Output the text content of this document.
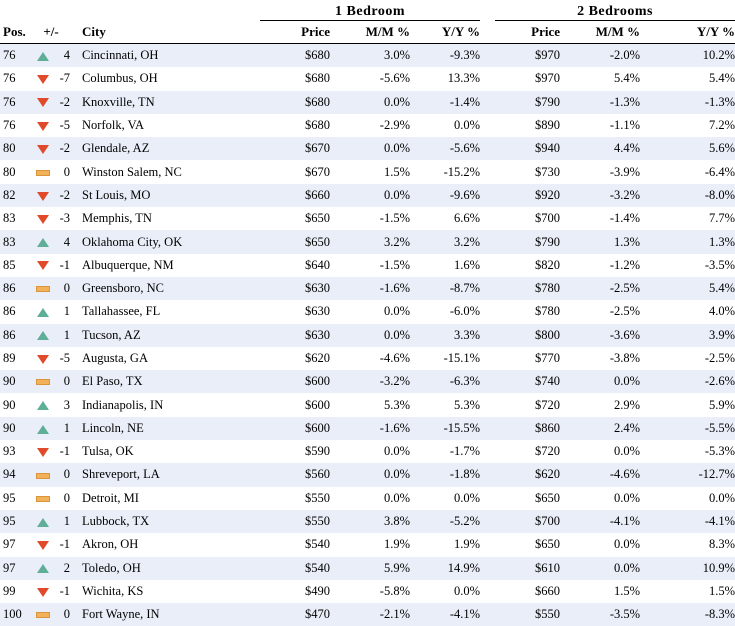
					1 Bedroom				2 Bedrooms		
Pos.	+/-			City	Price	M/M %	Y/Y %		Price	M/M %	Y/Y %
76		4		Cincinnati, OH	$680	3.0%	-9.3%		$970	-2.0%	10.2%
76		-7		Columbus, OH	$680	-5.6%	13.3%		$970	5.4%	5.4%
76		-2		Knoxville, TN	$680	0.0%	-1.4%		$790	-1.3%	-1.3%
76		-5		Norfolk, VA	$680	-2.9%	0.0%		$890	-1.1%	7.2%
80		-2		Glendale, AZ	$670	0.0%	-5.6%		$940	4.4%	5.6%
80		0		Winston Salem, NC	$670	1.5%	-15.2%		$730	-3.9%	-6.4%
82		-2		St Louis, MO	$660	0.0%	-9.6%		$920	-3.2%	-8.0%
83		-3		Memphis, TN	$650	-1.5%	6.6%		$700	-1.4%	7.7%
83		4		Oklahoma City, OK	$650	3.2%	3.2%		$790	1.3%	1.3%
85		-1		Albuquerque, NM	$640	-1.5%	1.6%		$820	-1.2%	-3.5%
86		0		Greensboro, NC	$630	-1.6%	-8.7%		$780	-2.5%	5.4%
86		1		Tallahassee, FL	$630	0.0%	-6.0%		$780	-2.5%	4.0%
86		1		Tucson, AZ	$630	0.0%	3.3%		$800	-3.6%	3.9%
89		-5		Augusta, GA	$620	-4.6%	-15.1%		$770	-3.8%	-2.5%
90		0		El Paso, TX	$600	-3.2%	-6.3%		$740	0.0%	-2.6%
90		3		Indianapolis, IN	$600	5.3%	5.3%		$720	2.9%	5.9%
90		1		Lincoln, NE	$600	-1.6%	-15.5%		$860	2.4%	-5.5%
93		-1		Tulsa, OK	$590	0.0%	-1.7%		$720	0.0%	-5.3%
94		0		Shreveport, LA	$560	0.0%	-1.8%		$620	-4.6%	-12.7%
95		0		Detroit, MI	$550	0.0%	0.0%		$650	0.0%	0.0%
95		1		Lubbock, TX	$550	3.8%	-5.2%		$700	-4.1%	-4.1%
97		-1		Akron, OH	$540	1.9%	1.9%		$650	0.0%	8.3%
97		2		Toledo, OH	$540	5.9%	14.9%		$610	0.0%	10.9%
99		-1		Wichita, KS	$490	-5.8%	0.0%		$660	1.5%	1.5%
100		0		Fort Wayne, IN	$470	-2.1%	-4.1%		$550	-3.5%	-8.3%
